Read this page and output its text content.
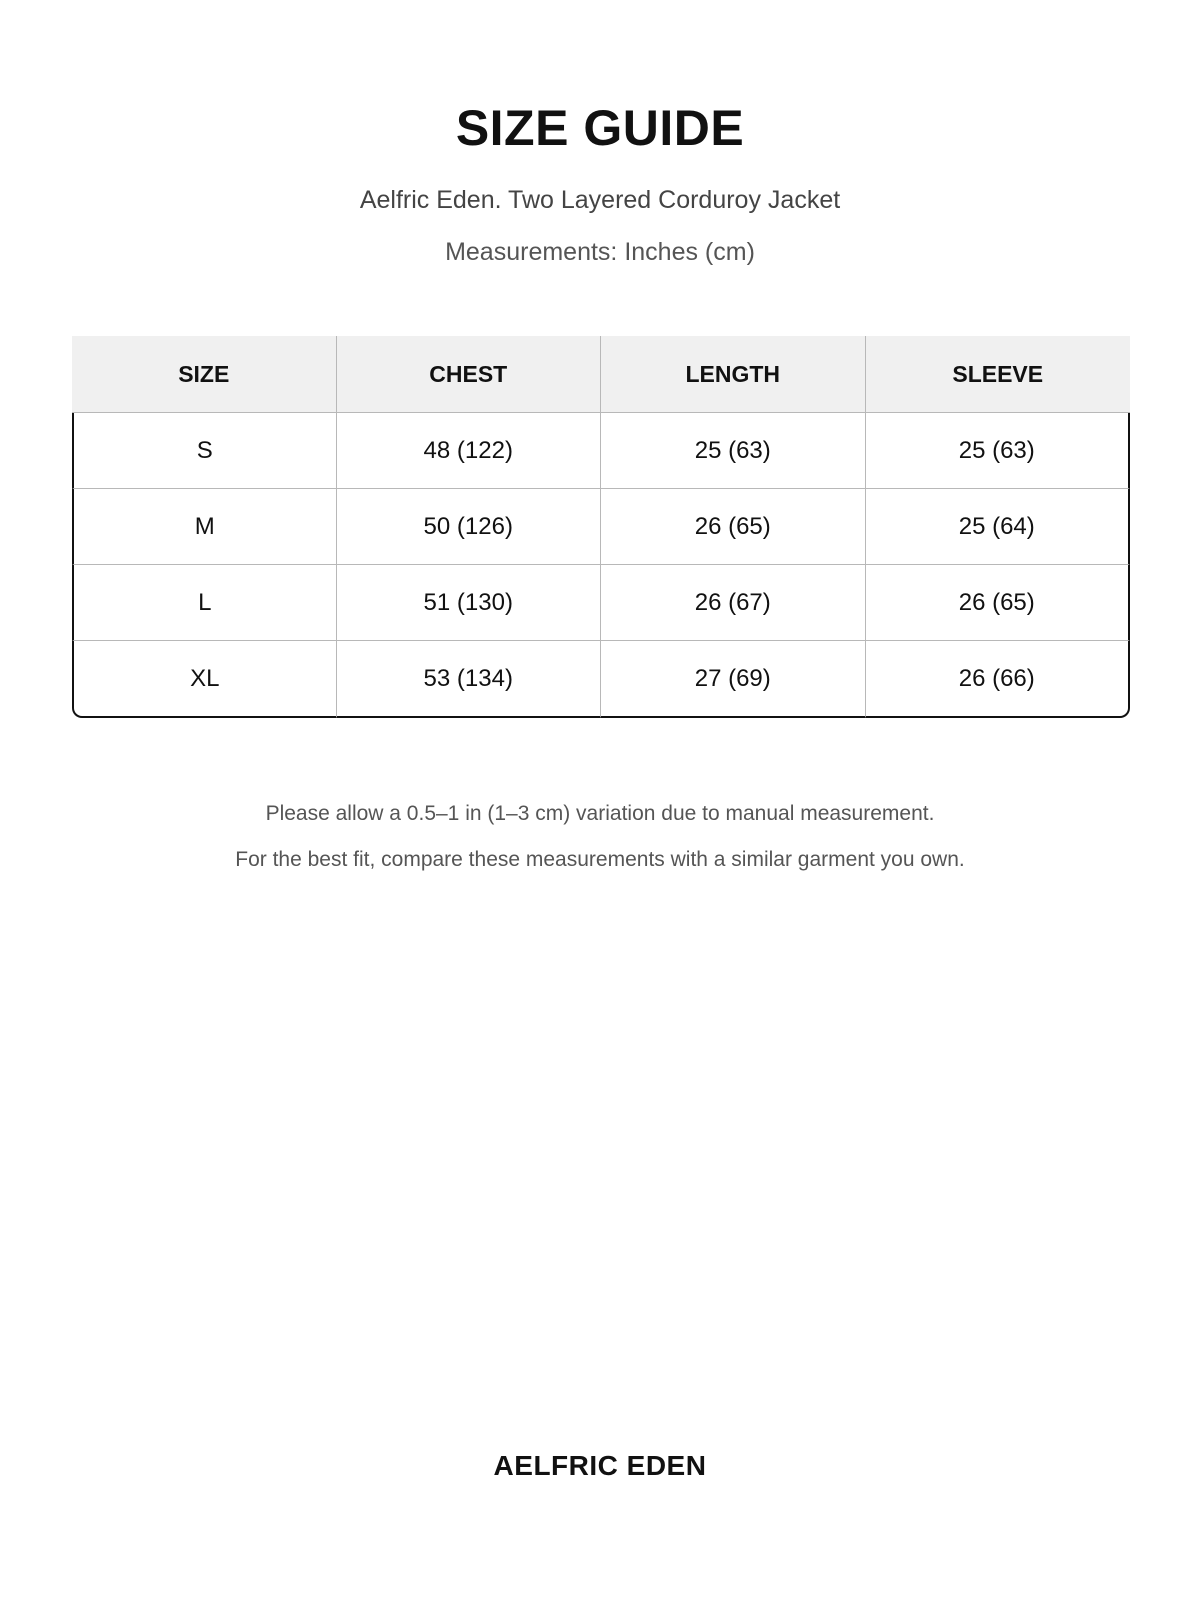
SIZE GUIDE
Aelfric Eden. Two Layered Corduroy Jacket
Measurements: Inches (cm)
SIZE	CHEST	LENGTH	SLEEVE
S	48 (122)	25 (63)	25 (63)
M	50 (126)	26 (65)	25 (64)
L	51 (130)	26 (67)	26 (65)
XL	53 (134)	27 (69)	26 (66)
Please allow a 0.5–1 in (1–3 cm) variation due to manual measurement.
For the best fit, compare these measurements with a similar garment you own.
AELFRIC EDEN
